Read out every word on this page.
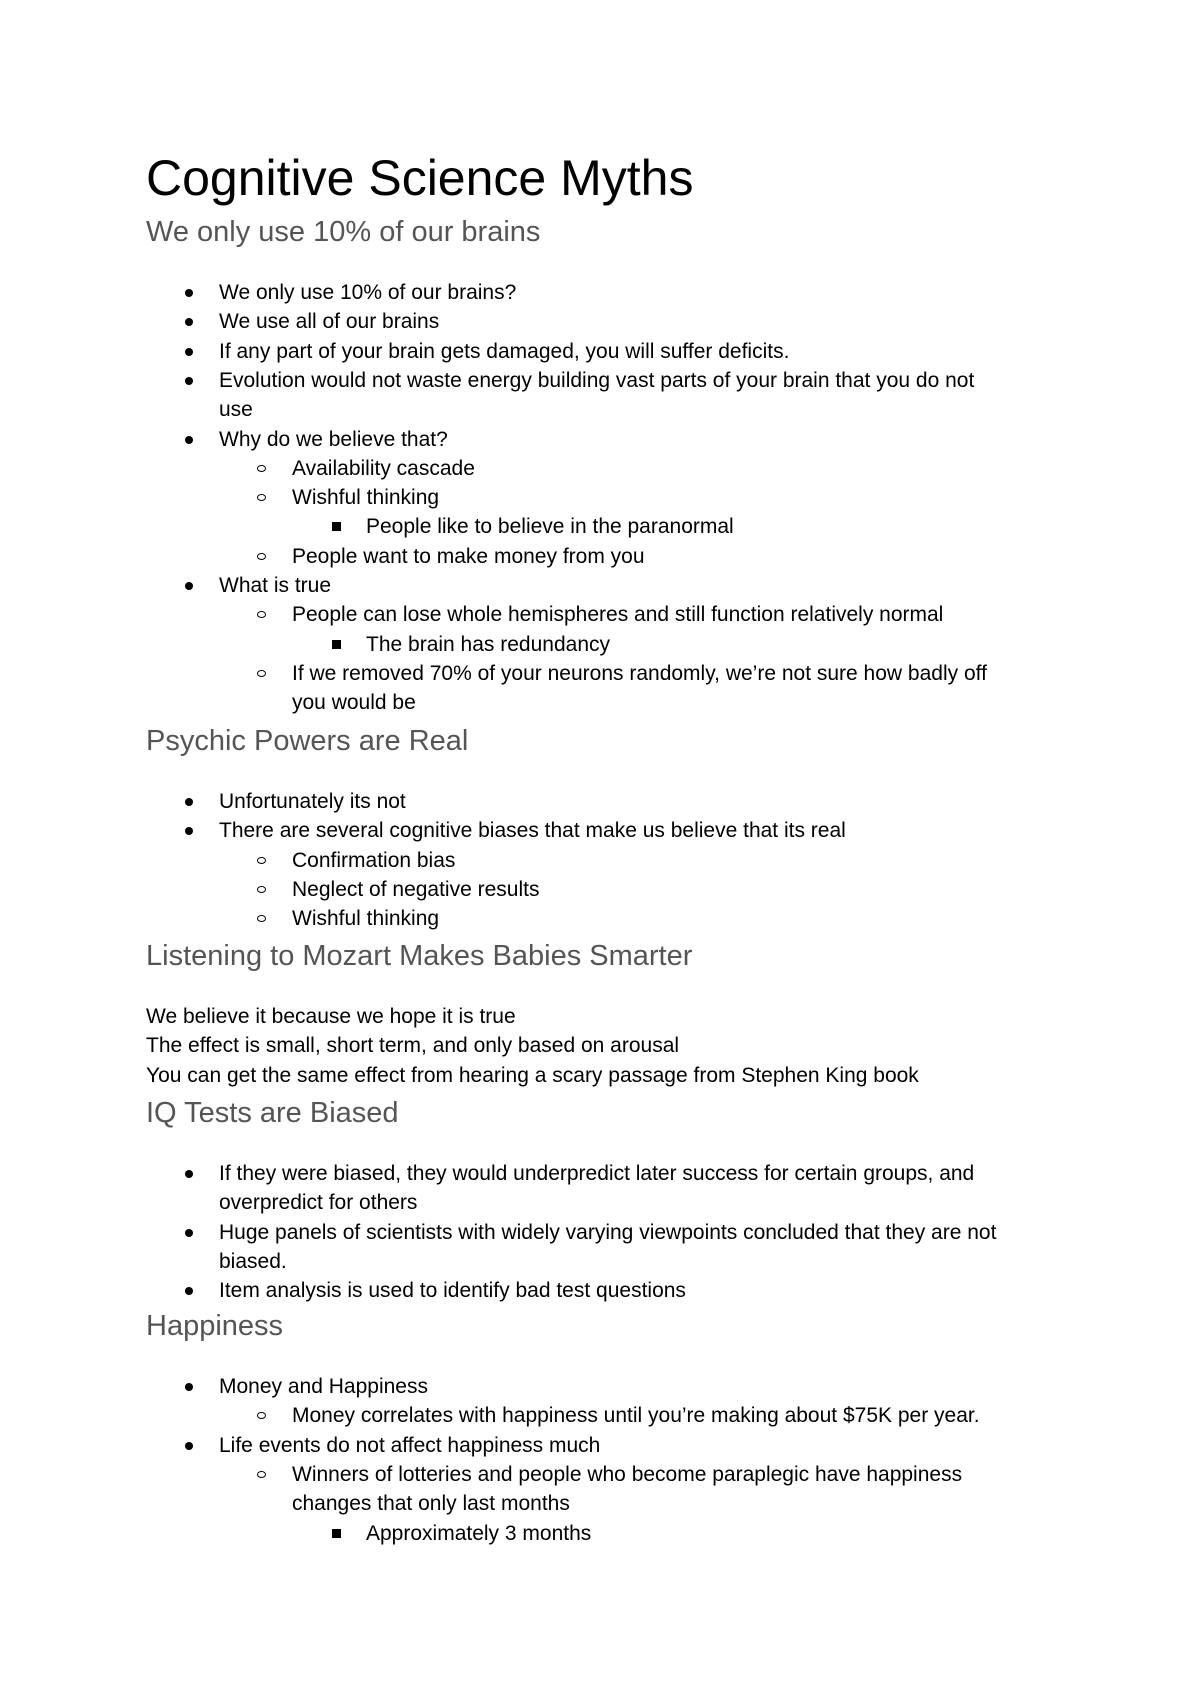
Cognitive Science Myths
We only use 10% of our brains
We only use 10% of our brains?
We use all of our brains
If any part of your brain gets damaged, you will suffer deficits.
Evolution would not waste energy building vast parts of your brain that you do not
use
Why do we believe that?
Availability cascade
Wishful thinking
People like to believe in the paranormal
People want to make money from you
What is true
People can lose whole hemispheres and still function relatively normal
The brain has redundancy
If we removed 70% of your neurons randomly, we’re not sure how badly off
you would be
Psychic Powers are Real
Unfortunately its not
There are several cognitive biases that make us believe that its real
Confirmation bias
Neglect of negative results
Wishful thinking
Listening to Mozart Makes Babies Smarter
We believe it because we hope it is true
The effect is small, short term, and only based on arousal
You can get the same effect from hearing a scary passage from Stephen King book
IQ Tests are Biased
If they were biased, they would underpredict later success for certain groups, and
overpredict for others
Huge panels of scientists with widely varying viewpoints concluded that they are not
biased.
Item analysis is used to identify bad test questions
Happiness
Money and Happiness
Money correlates with happiness until you’re making about $75K per year.
Life events do not affect happiness much
Winners of lotteries and people who become paraplegic have happiness
changes that only last months
Approximately 3 months
